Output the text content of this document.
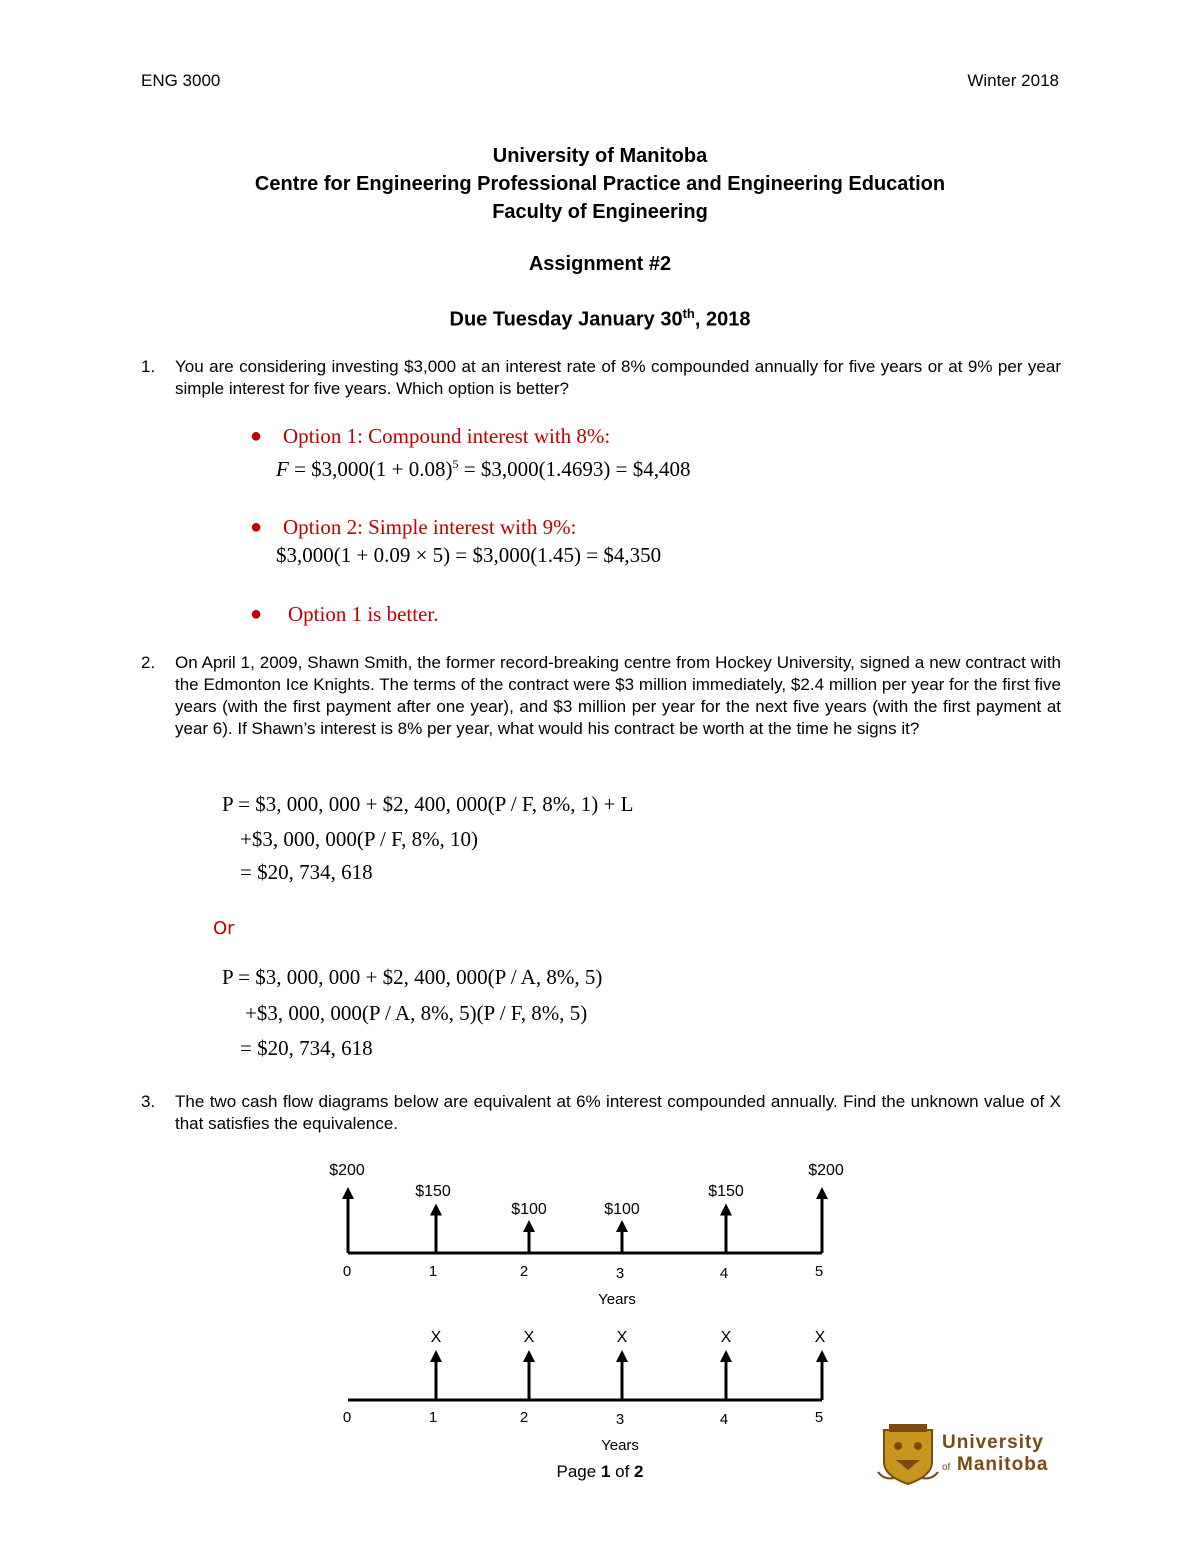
ENG 3000	Winter 2018
University of Manitoba
Centre for Engineering Professional Practice and Engineering Education
Faculty of Engineering
Assignment #2
Due Tuesday January 30th, 2018
1. You are considering investing $3,000 at an interest rate of 8% compounded annually for five years or at 9% per year simple interest for five years. Which option is better?
● Option 1: Compound interest with 8%:
F = $3,000(1 + 0.08)$^5$ = $3,000(1.4693) = $4,408
● Option 2: Simple interest with 9%:
$3,000(1 + 0.09 × 5) = $3,000(1.45) = $4,350
● Option 1 is better.
2. On April 1, 2009, Shawn Smith, the former record-breaking centre from Hockey University, signed a new contract with the Edmonton Ice Knights. The terms of the contract were $3 million immediately, $2.4 million per year for the first five years (with the first payment after one year), and $3 million per year for the next five years (with the first payment at year 6). If Shawn’s interest is 8% per year, what would his contract be worth at the time he signs it?
P = $3, 000, 000 + $2, 400, 000(P / F, 8%, 1) + L
+$3, 000, 000(P / F, 8%, 10)
= $20, 734, 618
Or
P = $3, 000, 000 + $2, 400, 000(P / A, 8%, 5)
+$3, 000, 000(P / A, 8%, 5)(P / F, 8%, 5)
= $20, 734, 618
3. The two cash flow diagrams below are equivalent at 6% interest compounded annually. Find the unknown value of X that satisfies the equivalence.
$200
$150
$100	$100
$150
$200
0	1	2	3	4	5
Years
X	X	X	X	X
0	1	2	3	4	5
Years	University
of Manitoba
Page 1 of 2
